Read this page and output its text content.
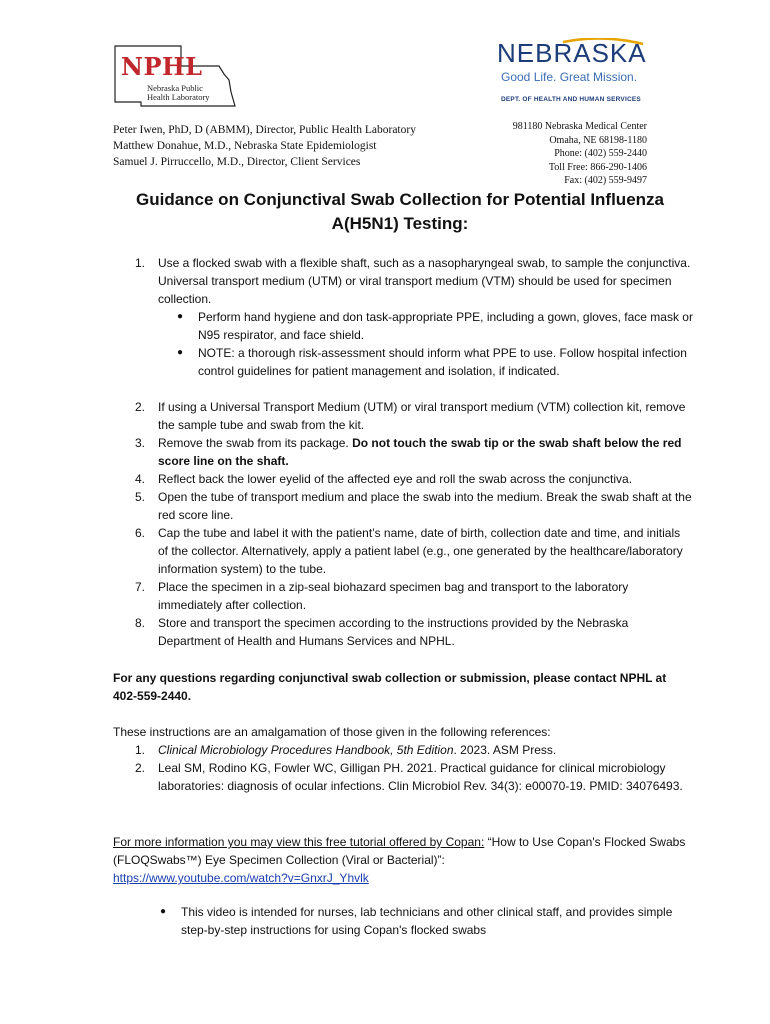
NPHL
Nebraska Public
Health Laboratory
NEBRASKA
Good Life. Great Mission.
DEPT. OF HEALTH AND HUMAN SERVICES
Peter Iwen, PhD, D (ABMM), Director, Public Health Laboratory
Matthew Donahue, M.D., Nebraska State Epidemiologist
Samuel J. Pirruccello, M.D., Director, Client Services
981180 Nebraska Medical Center
Omaha, NE 68198-1180
Phone: (402) 559-2440
Toll Free: 866-290-1406
Fax: (402) 559-9497
Guidance on Conjunctival Swab Collection for Potential Influenza
A(H5N1) Testing:
1.	Use a flocked swab with a flexible shaft, such as a nasopharyngeal swab, to sample the conjunctiva. Universal transport medium (UTM) or viral transport medium (VTM) should be used for specimen collection.
● Perform hand hygiene and don task-appropriate PPE, including a gown, gloves, face mask or N95 respirator, and face shield.
● NOTE: a thorough risk-assessment should inform what PPE to use. Follow hospital infection control guidelines for patient management and isolation, if indicated.
2.	If using a Universal Transport Medium (UTM) or viral transport medium (VTM) collection kit, remove the sample tube and swab from the kit.
3.	Remove the swab from its package. Do not touch the swab tip or the swab shaft below the red score line on the shaft.
4.	Reflect back the lower eyelid of the affected eye and roll the swab across the conjunctiva.
5.	Open the tube of transport medium and place the swab into the medium. Break the swab shaft at the red score line.
6.	Cap the tube and label it with the patient’s name, date of birth, collection date and time, and initials of the collector. Alternatively, apply a patient label (e.g., one generated by the healthcare/laboratory information system) to the tube.
7.	Place the specimen in a zip-seal biohazard specimen bag and transport to the laboratory immediately after collection.
8.	Store and transport the specimen according to the instructions provided by the Nebraska Department of Health and Humans Services and NPHL.
For any questions regarding conjunctival swab collection or submission, please contact NPHL at 402-559-2440.
These instructions are an amalgamation of those given in the following references:
1. Clinical Microbiology Procedures Handbook, 5th Edition. 2023. ASM Press.
2. Leal SM, Rodino KG, Fowler WC, Gilligan PH. 2021. Practical guidance for clinical microbiology laboratories: diagnosis of ocular infections. Clin Microbiol Rev. 34(3): e00070-19. PMID: 34076493.
For more information you may view this free tutorial offered by Copan: “How to Use Copan's Flocked Swabs (FLOQSwabs™) Eye Specimen Collection (Viral or Bacterial)”:
https://www.youtube.com/watch?v=GnxrJ_Yhvlk
● This video is intended for nurses, lab technicians and other clinical staff, and provides simple step-by-step instructions for using Copan's flocked swabs
